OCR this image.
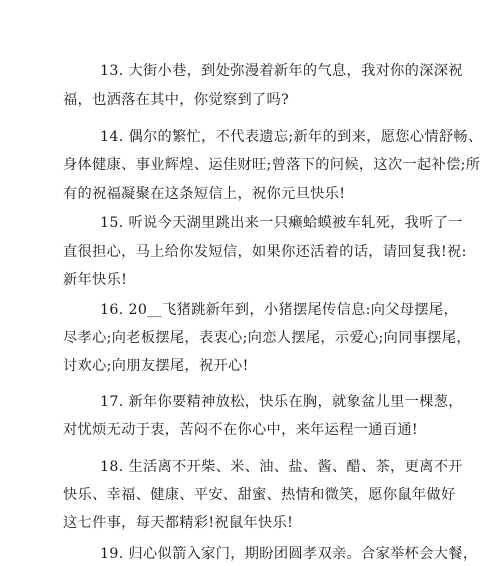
13. 大街小巷，到处弥漫着新年的气息，我对你的深深祝
福，也洒落在其中，你觉察到了吗?
14. 偶尔的繁忙，不代表遗忘;新年的到来，愿您心情舒畅、
身体健康、事业辉煌、运佳财旺;曾落下的问候，这次一起补偿;所
有的祝福凝聚在这条短信上，祝你元旦快乐!
15. 听说今天湖里跳出来一只癞蛤蟆被车轧死，我听了一
直很担心，马上给你发短信，如果你还活着的话，请回复我!祝:
新年快乐!
16. 20__飞猪跳新年到，小猪摆尾传信息:向父母摆尾，
尽孝心;向老板摆尾，表衷心;向恋人摆尾，示爱心;向同事摆尾，
讨欢心;向朋友摆尾，祝开心!
17. 新年你要精神放松，快乐在胸，就象盆儿里一棵葱，
对忧烦无动于衷，苦闷不在你心中，来年运程一通百通!
18. 生活离不开柴、米、油、盐、酱、醋、茶，更离不开
快乐、幸福、健康、平安、甜蜜、热情和微笑，愿你鼠年做好
这七件事，每天都精彩!祝鼠年快乐!
19. 归心似箭入家门，期盼团圆孝双亲。合家举杯会大餐，
